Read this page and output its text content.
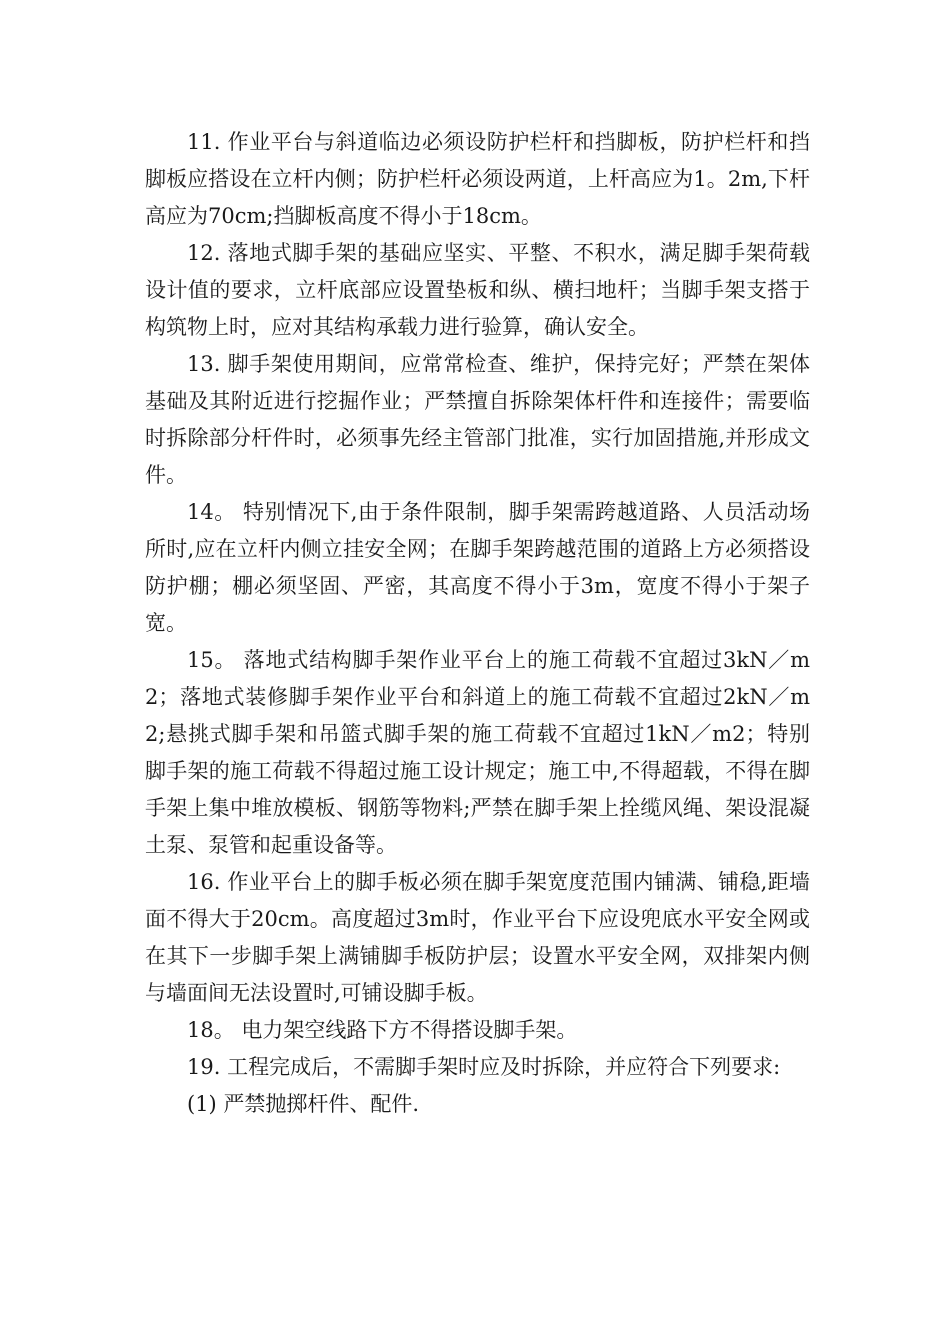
11. 作业平台与斜道临边必须设防护栏杆和挡脚板，防护栏杆和挡脚板应搭设在立杆内侧；防护栏杆必须设两道，上杆高应为1。2m,下杆高应为70cm;挡脚板高度不得小于18cm。

12. 落地式脚手架的基础应坚实、平整、不积水，满足脚手架荷载设计值的要求，立杆底部应设置垫板和纵、横扫地杆；当脚手架支搭于构筑物上时，应对其结构承载力进行验算，确认安全。

13. 脚手架使用期间，应常常检查、维护，保持完好；严禁在架体基础及其附近进行挖掘作业；严禁擅自拆除架体杆件和连接件；需要临时拆除部分杆件时，必须事先经主管部门批准，实行加固措施,并形成文件。

14。 特别情况下,由于条件限制，脚手架需跨越道路、人员活动场所时,应在立杆内侧立挂安全网；在脚手架跨越范围的道路上方必须搭设防护棚；棚必须坚固、严密，其高度不得小于3m，宽度不得小于架子宽。

15。 落地式结构脚手架作业平台上的施工荷载不宜超过3kN／m2；落地式装修脚手架作业平台和斜道上的施工荷载不宜超过2kN／m2;悬挑式脚手架和吊篮式脚手架的施工荷载不宜超过1kN／m2；特别脚手架的施工荷载不得超过施工设计规定；施工中,不得超载，不得在脚手架上集中堆放模板、钢筋等物料;严禁在脚手架上拴缆风绳、架设混凝土泵、泵管和起重设备等。

16. 作业平台上的脚手板必须在脚手架宽度范围内铺满、铺稳,距墙面不得大于20cm。高度超过3m时，作业平台下应设兜底水平安全网或在其下一步脚手架上满铺脚手板防护层；设置水平安全网，双排架内侧与墙面间无法设置时,可铺设脚手板。

18。 电力架空线路下方不得搭设脚手架。

19. 工程完成后，不需脚手架时应及时拆除，并应符合下列要求:

(1) 严禁抛掷杆件、配件.
